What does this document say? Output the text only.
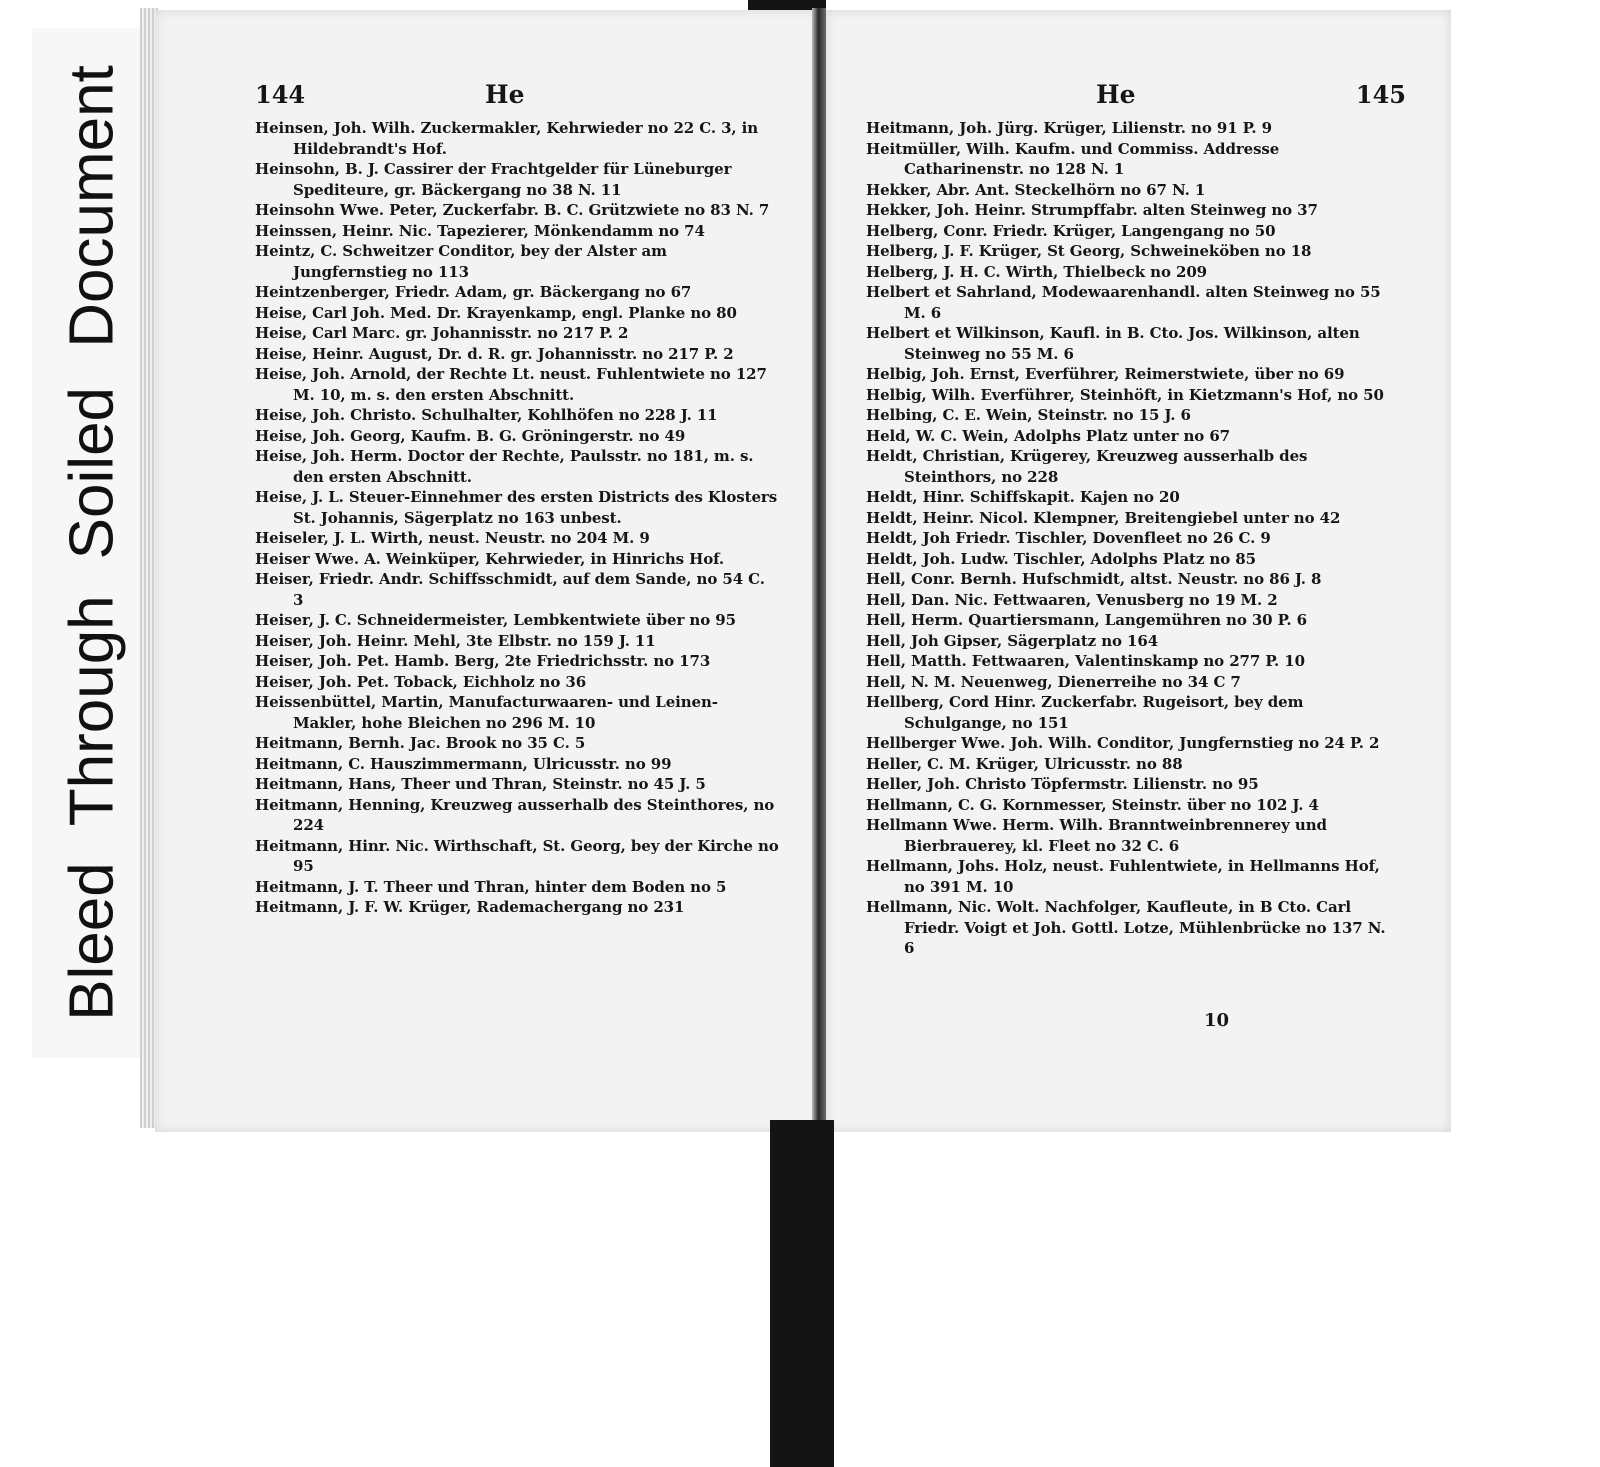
BleedThroughSoiled Document	144	He
Heinsen, Joh. Wilh. Zuckermakler, Kehrwieder no 22 C. 3, in Hildebrandt's Hof.
Heinsohn, B. J. Cassirer der Frachtgelder für Lüneburger Spediteure, gr. Bäckergang no 38 N. 11
Heinsohn Wwe. Peter, Zuckerfabr. B. C. Grützwiete no 83 N. 7
Heinssen, Heinr. Nic. Tapezierer, Mönkendamm no 74
Heintz, C. Schweitzer Conditor, bey der Alster am Jungfernstieg no 113
Heintzenberger, Friedr. Adam, gr. Bäckergang no 67
Heise, Carl Joh. Med. Dr. Krayenkamp, engl. Planke no 80
Heise, Carl Marc. gr. Johannisstr. no 217 P. 2
Heise, Heinr. August, Dr. d. R. gr. Johannisstr. no 217 P. 2
Heise, Joh. Arnold, der Rechte Lt. neust. Fuhlentwiete no 127 M. 10, m. s. den ersten Abschnitt.
Heise, Joh. Christo. Schulhalter, Kohlhöfen no 228 J. 11
Heise, Joh. Georg, Kaufm. B. G. Gröningerstr. no 49
Heise, Joh. Herm. Doctor der Rechte, Paulsstr. no 181, m. s. den ersten Abschnitt.
Heise, J. L. Steuer-Einnehmer des ersten Districts des Klosters St. Johannis, Sägerplatz no 163 unbest.
Heiseler, J. L. Wirth, neust. Neustr. no 204 M. 9
Heiser Wwe. A. Weinküper, Kehrwieder, in Hinrichs Hof.
Heiser, Friedr. Andr. Schiffsschmidt, auf dem Sande, no 54 C. 3
Heiser, J. C. Schneidermeister, Lembkentwiete über no 95
Heiser, Joh. Heinr. Mehl, 3te Elbstr. no 159 J. 11
Heiser, Joh. Pet. Hamb. Berg, 2te Friedrichsstr. no 173
Heiser, Joh. Pet. Toback, Eichholz no 36
Heissenbüttel, Martin, Manufacturwaaren- und Leinen-Makler, hohe Bleichen no 296 M. 10
Heitmann, Bernh. Jac. Brook no 35 C. 5
Heitmann, C. Hauszimmermann, Ulricusstr. no 99
Heitmann, Hans, Theer und Thran, Steinstr. no 45 J. 5
Heitmann, Henning, Kreuzweg ausserhalb des Steinthores, no 224
Heitmann, Hinr. Nic. Wirthschaft, St. Georg, bey der Kirche no 95
Heitmann, J. T. Theer und Thran, hinter dem Boden no 5
Heitmann, J. F. W. Krüger, Rademachergang no 231
He	145
Heitmann, Joh. Jürg. Krüger, Lilienstr. no 91 P. 9
Heitmüller, Wilh. Kaufm. und Commiss. Addresse Catharinenstr. no 128 N. 1
Hekker, Abr. Ant. Steckelhörn no 67 N. 1
Hekker, Joh. Heinr. Strumpffabr. alten Steinweg no 37
Helberg, Conr. Friedr. Krüger, Langengang no 50
Helberg, J. F. Krüger, St Georg, Schweineköben no 18
Helberg, J. H. C. Wirth, Thielbeck no 209
Helbert et Sahrland, Modewaarenhandl. alten Steinweg no 55 M. 6
Helbert et Wilkinson, Kaufl. in B. Cto. Jos. Wilkinson, alten Steinweg no 55 M. 6
Helbig, Joh. Ernst, Everführer, Reimerstwiete, über no 69
Helbig, Wilh. Everführer, Steinhöft, in Kietzmann's Hof, no 50
Helbing, C. E. Wein, Steinstr. no 15 J. 6
Held, W. C. Wein, Adolphs Platz unter no 67
Heldt, Christian, Krügerey, Kreuzweg ausserhalb des Steinthors, no 228
Heldt, Hinr. Schiffskapit. Kajen no 20
Heldt, Heinr. Nicol. Klempner, Breitengiebel unter no 42
Heldt, Joh Friedr. Tischler, Dovenfleet no 26 C. 9
Heldt, Joh. Ludw. Tischler, Adolphs Platz no 85
Hell, Conr. Bernh. Hufschmidt, altst. Neustr. no 86 J. 8
Hell, Dan. Nic. Fettwaaren, Venusberg no 19 M. 2
Hell, Herm. Quartiersmann, Langemühren no 30 P. 6
Hell, Joh Gipser, Sägerplatz no 164
Hell, Matth. Fettwaaren, Valentinskamp no 277 P. 10
Hell, N. M. Neuenweg, Dienerreihe no 34 C 7
Hellberg, Cord Hinr. Zuckerfabr. Rugeisort, bey dem Schulgange, no 151
Hellberger Wwe. Joh. Wilh. Conditor, Jungfernstieg no 24 P. 2
Heller, C. M. Krüger, Ulricusstr. no 88
Heller, Joh. Christo Töpfermstr. Lilienstr. no 95
Hellmann, C. G. Kornmesser, Steinstr. über no 102 J. 4
Hellmann Wwe. Herm. Wilh. Branntweinbrennerey und Bierbrauerey, kl. Fleet no 32 C. 6
Hellmann, Johs. Holz, neust. Fuhlentwiete, in Hellmanns Hof, no 391 M. 10
Hellmann, Nic. Wolt. Nachfolger, Kaufleute, in B Cto. Carl Friedr. Voigt et Joh. Gottl. Lotze, Mühlenbrücke no 137 N. 6
10
